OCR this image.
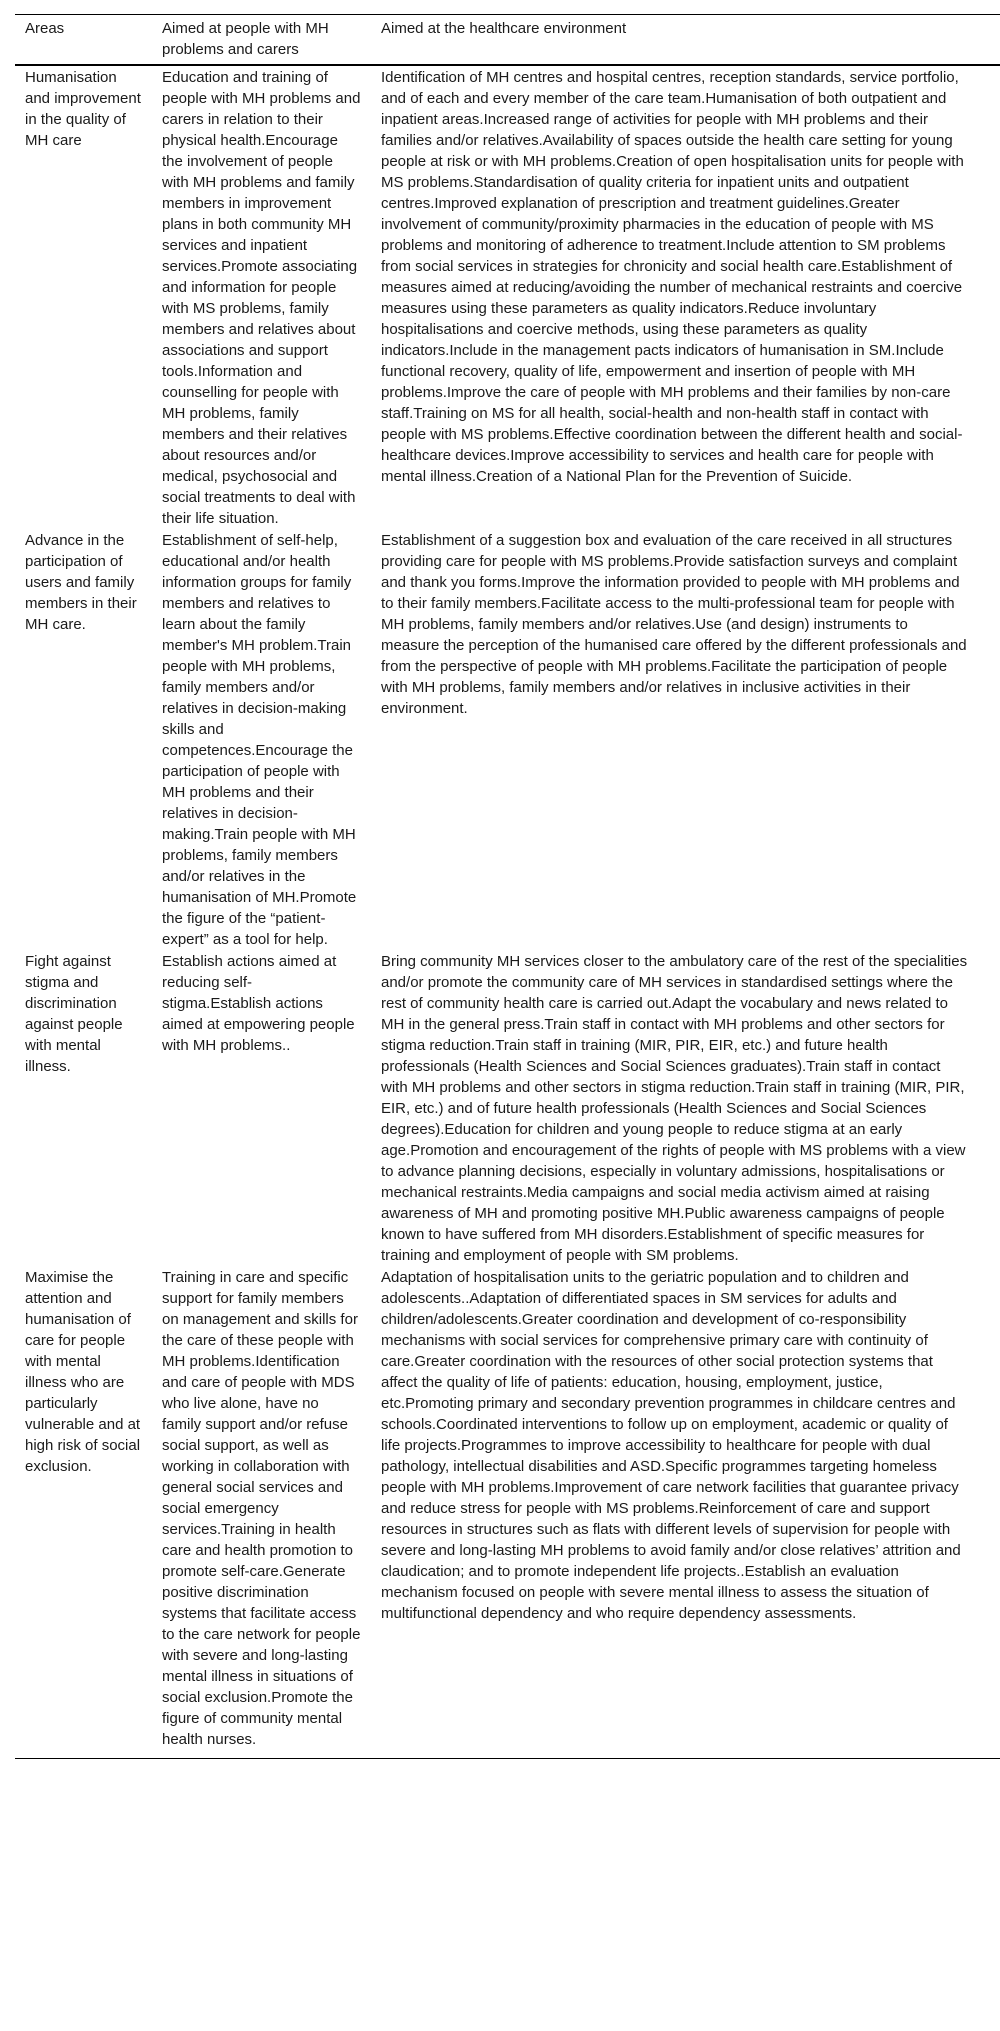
Areas	Aimed at people with MH problems and carers	Aimed at the healthcare environment
Humanisation and improvement in the quality of MH care	Education and training of people with MH problems and carers in relation to their physical health.Encourage the involvement of people with MH problems and family members in improvement plans in both community MH services and inpatient services.Promote associating and information for people with MS problems, family members and relatives about associations and support tools.Information and counselling for people with MH problems, family members and their relatives about resources and/or medical, psychosocial and social treatments to deal with their life situation.	Identification of MH centres and hospital centres, reception standards, service portfolio, and of each and every member of the care team.Humanisation of both outpatient and inpatient areas.Increased range of activities for people with MH problems and their families and/or relatives.Availability of spaces outside the health care setting for young people at risk or with MH problems.Creation of open hospitalisation units for people with MS problems.Standardisation of quality criteria for inpatient units and outpatient centres.Improved explanation of prescription and treatment guidelines.Greater involvement of community/proximity pharmacies in the education of people with MS problems and monitoring of adherence to treatment.Include attention to SM problems from social services in strategies for chronicity and social health care.Establishment of measures aimed at reducing/avoiding the number of mechanical restraints and coercive measures using these parameters as quality indicators.Reduce involuntary hospitalisations and coercive methods, using these parameters as quality indicators.Include in the management pacts indicators of humanisation in SM.Include functional recovery, quality of life, empowerment and insertion of people with MH problems.Improve the care of people with MH problems and their families by non-care staff.Training on MS for all health, social-health and non-health staff in contact with people with MS problems.Effective coordination between the different health and social-healthcare devices.Improve accessibility to services and health care for people with mental illness.Creation of a National Plan for the Prevention of Suicide.
Advance in the participation of users and family members in their MH care.	Establishment of self-help, educational and/or health information groups for family members and relatives to learn about the family member's MH problem.Train people with MH problems, family members and/or relatives in decision-making skills and competences.Encourage the participation of people with MH problems and their relatives in decision-making.Train people with MH problems, family members and/or relatives in the humanisation of MH.Promote the figure of the “patient-expert” as a tool for help.	Establishment of a suggestion box and evaluation of the care received in all structures providing care for people with MS problems.Provide satisfaction surveys and complaint and thank you forms.Improve the information provided to people with MH problems and to their family members.Facilitate access to the multi-professional team for people with MH problems, family members and/or relatives.Use (and design) instruments to measure the perception of the humanised care offered by the different professionals and from the perspective of people with MH problems.Facilitate the participation of people with MH problems, family members and/or relatives in inclusive activities in their environment.
Fight against stigma and discrimination against people with mental illness.	Establish actions aimed at reducing self-stigma.Establish actions aimed at empowering people with MH problems..	Bring community MH services closer to the ambulatory care of the rest of the specialities and/or promote the community care of MH services in standardised settings where the rest of community health care is carried out.Adapt the vocabulary and news related to MH in the general press.Train staff in contact with MH problems and other sectors for stigma reduction.Train staff in training (MIR, PIR, EIR, etc.) and future health professionals (Health Sciences and Social Sciences graduates).Train staff in contact with MH problems and other sectors in stigma reduction.Train staff in training (MIR, PIR, EIR, etc.) and of future health professionals (Health Sciences and Social Sciences degrees).Education for children and young people to reduce stigma at an early age.Promotion and encouragement of the rights of people with MS problems with a view to advance planning decisions, especially in voluntary admissions, hospitalisations or mechanical restraints.Media campaigns and social media activism aimed at raising awareness of MH and promoting positive MH.Public awareness campaigns of people known to have suffered from MH disorders.Establishment of specific measures for training and employment of people with SM problems.
Maximise the attention and humanisation of care for people with mental illness who are particularly vulnerable and at high risk of social exclusion.	Training in care and specific support for family members on management and skills for the care of these people with MH problems.Identification and care of people with MDS who live alone, have no family support and/or refuse social support, as well as working in collaboration with general social services and social emergency services.Training in health care and health promotion to promote self-care.Generate positive discrimination systems that facilitate access to the care network for people with severe and long-lasting mental illness in situations of social exclusion.Promote the figure of community mental health nurses.	Adaptation of hospitalisation units to the geriatric population and to children and adolescents..Adaptation of differentiated spaces in SM services for adults and children/adolescents.Greater coordination and development of co-responsibility mechanisms with social services for comprehensive primary care with continuity of care.Greater coordination with the resources of other social protection systems that affect the quality of life of patients: education, housing, employment, justice, etc.Promoting primary and secondary prevention programmes in childcare centres and schools.Coordinated interventions to follow up on employment, academic or quality of life projects.Programmes to improve accessibility to healthcare for people with dual pathology, intellectual disabilities and ASD.Specific programmes targeting homeless people with MH problems.Improvement of care network facilities that guarantee privacy and reduce stress for people with MS problems.Reinforcement of care and support resources in structures such as flats with different levels of supervision for people with severe and long-lasting MH problems to avoid family and/or close relatives’ attrition and claudication; and to promote independent life projects..Establish an evaluation mechanism focused on people with severe mental illness to assess the situation of multifunctional dependency and who require dependency assessments.
